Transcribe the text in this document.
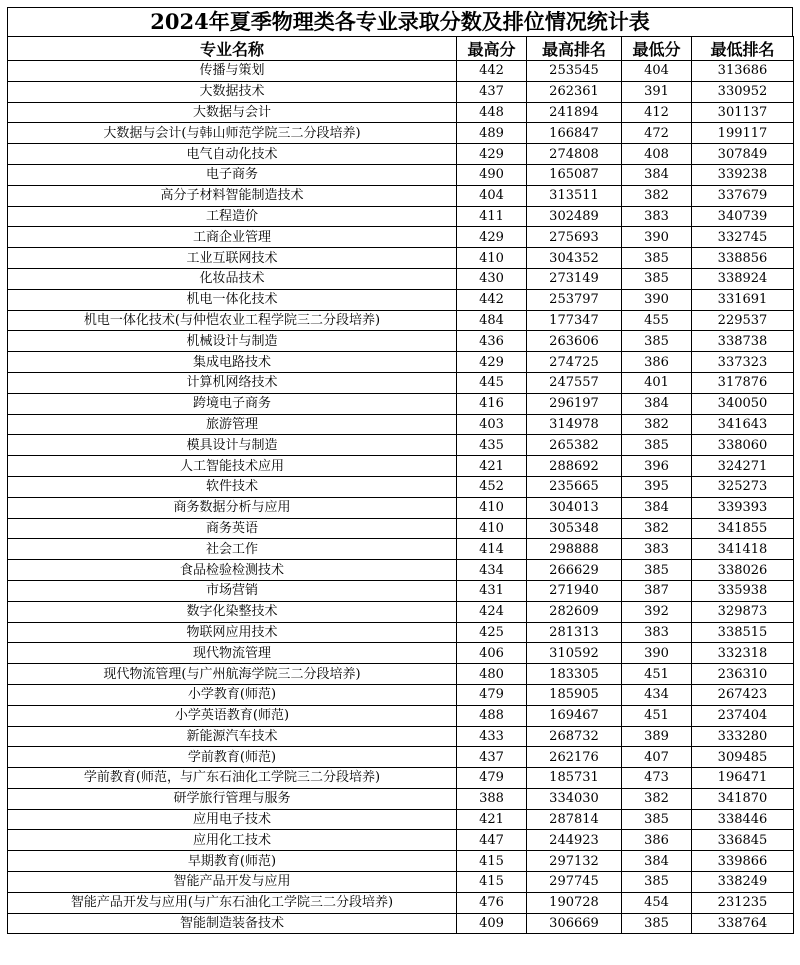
2024年夏季物理类各专业录取分数及排位情况统计表
专业名称	最高分	最高排名	最低分	最低排名
传播与策划	442	253545	404	313686
大数据技术	437	262361	391	330952
大数据与会计	448	241894	412	301137
大数据与会计(与韩山师范学院三二分段培养)	489	166847	472	199117
电气自动化技术	429	274808	408	307849
电子商务	490	165087	384	339238
高分子材料智能制造技术	404	313511	382	337679
工程造价	411	302489	383	340739
工商企业管理	429	275693	390	332745
工业互联网技术	410	304352	385	338856
化妆品技术	430	273149	385	338924
机电一体化技术	442	253797	390	331691
机电一体化技术(与仲恺农业工程学院三二分段培养)	484	177347	455	229537
机械设计与制造	436	263606	385	338738
集成电路技术	429	274725	386	337323
计算机网络技术	445	247557	401	317876
跨境电子商务	416	296197	384	340050
旅游管理	403	314978	382	341643
模具设计与制造	435	265382	385	338060
人工智能技术应用	421	288692	396	324271
软件技术	452	235665	395	325273
商务数据分析与应用	410	304013	384	339393
商务英语	410	305348	382	341855
社会工作	414	298888	383	341418
食品检验检测技术	434	266629	385	338026
市场营销	431	271940	387	335938
数字化染整技术	424	282609	392	329873
物联网应用技术	425	281313	383	338515
现代物流管理	406	310592	390	332318
现代物流管理(与广州航海学院三二分段培养)	480	183305	451	236310
小学教育(师范)	479	185905	434	267423
小学英语教育(师范)	488	169467	451	237404
新能源汽车技术	433	268732	389	333280
学前教育(师范)	437	262176	407	309485
学前教育(师范，与广东石油化工学院三二分段培养)	479	185731	473	196471
研学旅行管理与服务	388	334030	382	341870
应用电子技术	421	287814	385	338446
应用化工技术	447	244923	386	336845
早期教育(师范)	415	297132	384	339866
智能产品开发与应用	415	297745	385	338249
智能产品开发与应用(与广东石油化工学院三二分段培养)	476	190728	454	231235
智能制造装备技术	409	306669	385	338764
